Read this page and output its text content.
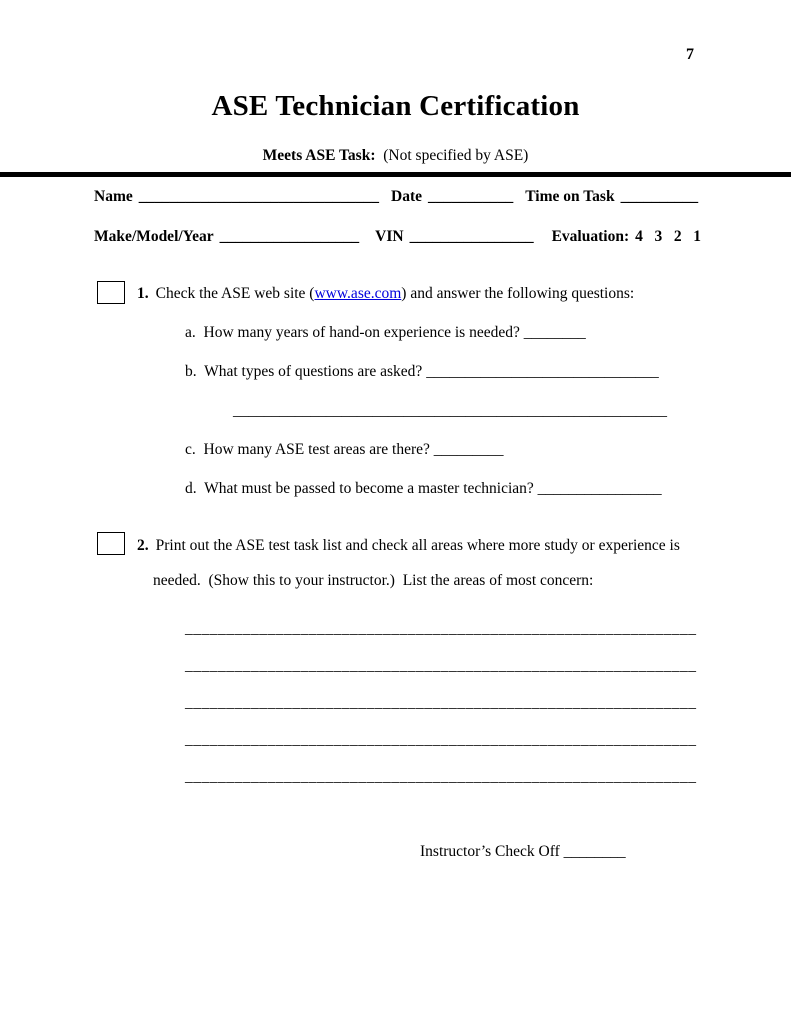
7
ASE Technician Certification
Meets ASE Task:  (Not specified by ASE)
Name _______________________________ Date ___________ Time on Task __________
Make/Model/Year __________________ VIN ________________ Evaluation: 4   3   2   1
1. Check the ASE web site (www.ase.com) and answer the following questions:
a.  How many years of hand-on experience is needed? ________
b.  What types of questions are asked? ______________________________
________________________________________________________
c.  How many ASE test areas are there? _________
d.  What must be passed to become a master technician? ________________
2. Print out the ASE test task list and check all areas where more study or experience is
needed.  (Show this to your instructor.)  List the areas of most concern:
______________________________________________________________
______________________________________________________________
______________________________________________________________
______________________________________________________________
______________________________________________________________
Instructor’s Check Off ________
